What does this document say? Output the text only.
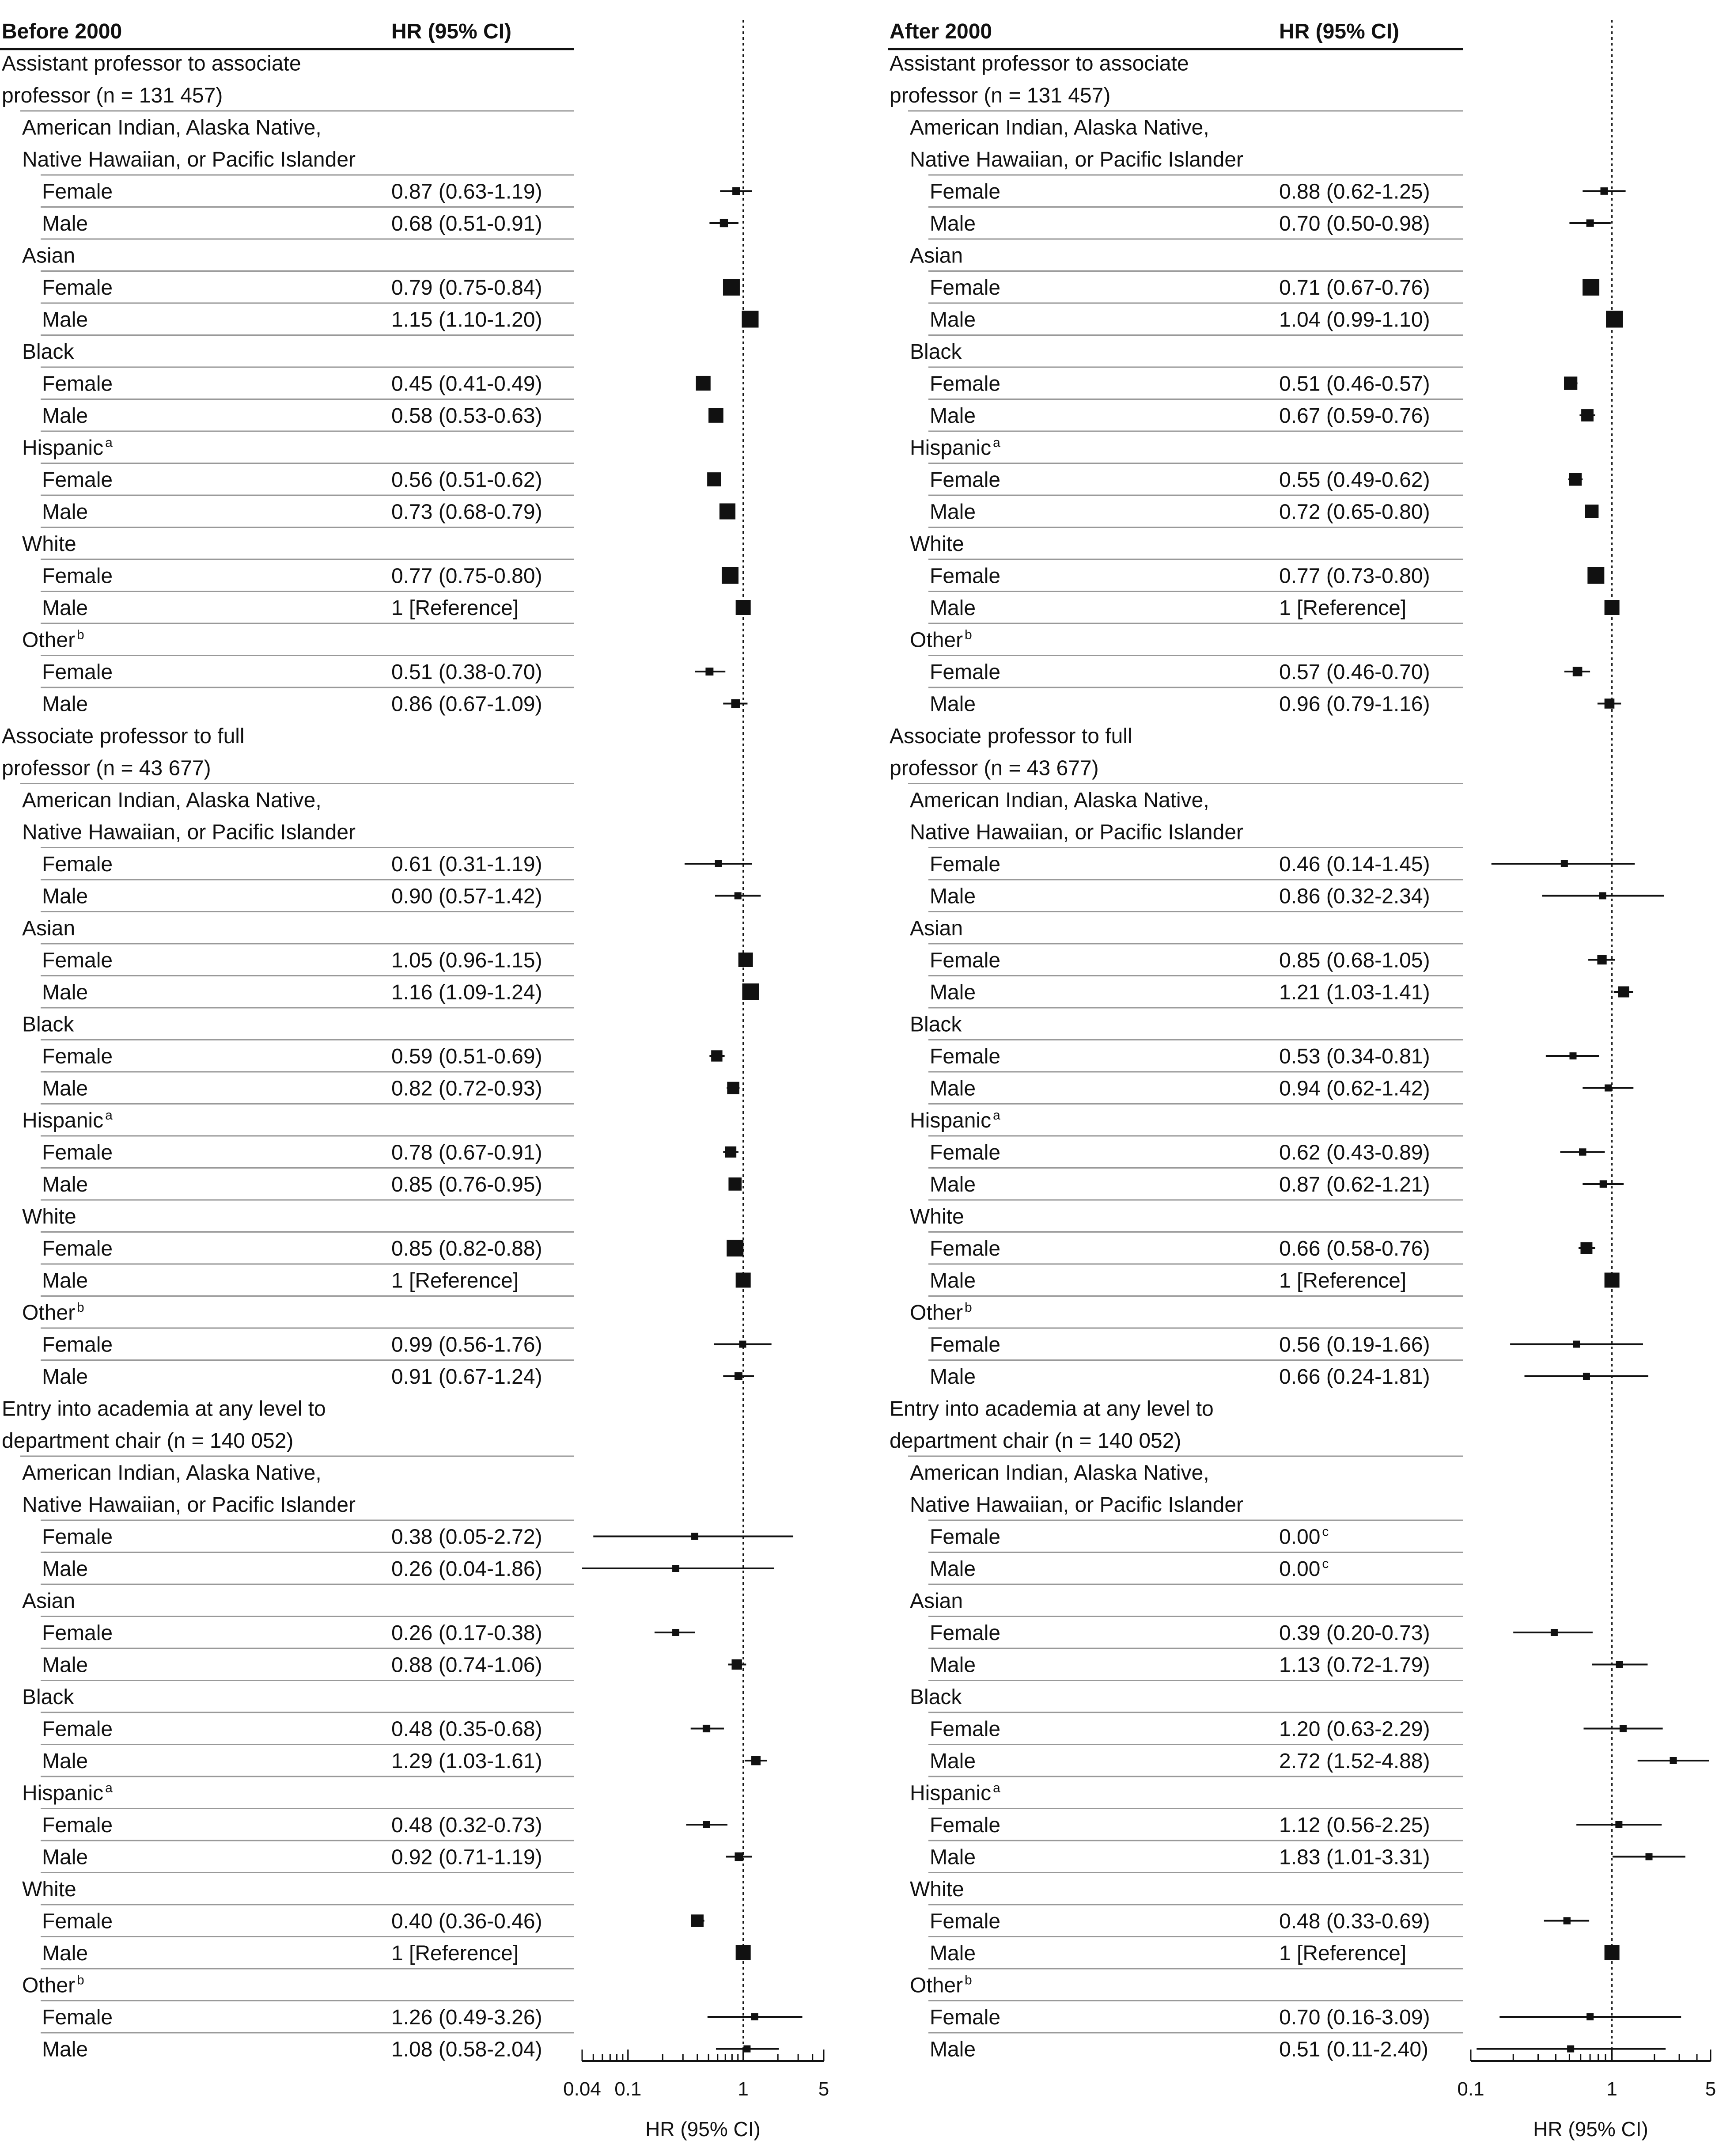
Before 2000	HR (95% CI)
Assistant professor to associate
professor (n = 131 457)
American Indian, Alaska Native,
Native Hawaiian, or Pacific Islander
Female	0.87 (0.63-1.19)
Male	0.68 (0.51-0.91)
Asian
Female	0.79 (0.75-0.84)
Male	1.15 (1.10-1.20)
Black
Female	0.45 (0.41-0.49)
Male	0.58 (0.53-0.63)
Hispanic $^a$
Female	0.56 (0.51-0.62)
Male	0.73 (0.68-0.79)
White
Female	0.77 (0.75-0.80)
Male	1 [Reference]
Other $^b$
Female	0.51 (0.38-0.70)
Male	0.86 (0.67-1.09)
Associate professor to full
professor (n = 43 677)
American Indian, Alaska Native,
Native Hawaiian, or Pacific Islander
Female	0.61 (0.31-1.19)
Male	0.90 (0.57-1.42)
Asian
Female	1.05 (0.96-1.15)
Male	1.16 (1.09-1.24)
Black
Female	0.59 (0.51-0.69)
Male	0.82 (0.72-0.93)
Hispanic $^a$
Female	0.78 (0.67-0.91)
Male	0.85 (0.76-0.95)
White
Female	0.85 (0.82-0.88)
Male	1 [Reference]
Other $^b$
Female	0.99 (0.56-1.76)
Male	0.91 (0.67-1.24)
Entry into academia at any level to
department chair (n = 140 052)
American Indian, Alaska Native,
Native Hawaiian, or Pacific Islander
Female	0.38 (0.05-2.72)
Male	0.26 (0.04-1.86)
Asian
Female	0.26 (0.17-0.38)
Male	0.88 (0.74-1.06)
Black
Female	0.48 (0.35-0.68)
Male	1.29 (1.03-1.61)
Hispanic $^a$
Female	0.48 (0.32-0.73)
Male	0.92 (0.71-1.19)
White
Female	0.40 (0.36-0.46)
Male	1 [Reference]
Other $^b$
Female	1.26 (0.49-3.26)
Male	1.08 (0.58-2.04)
0.04 0.1	1	5
HR (95% CI)
After 2000	HR (95% CI)
Assistant professor to associate
professor (n = 131 457)
American Indian, Alaska Native,
Native Hawaiian, or Pacific Islander
Female	0.88 (0.62-1.25)
Male	0.70 (0.50-0.98)
Asian
Female	0.71 (0.67-0.76)
Male	1.04 (0.99-1.10)
Black
Female	0.51 (0.46-0.57)
Male	0.67 (0.59-0.76)
Hispanic $^a$
Female	0.55 (0.49-0.62)
Male	0.72 (0.65-0.80)
White
Female	0.77 (0.73-0.80)
Male	1 [Reference]
Other $^b$
Female	0.57 (0.46-0.70)
Male	0.96 (0.79-1.16)
Associate professor to full
professor (n = 43 677)
American Indian, Alaska Native,
Native Hawaiian, or Pacific Islander
Female	0.46 (0.14-1.45)
Male	0.86 (0.32-2.34)
Asian
Female	0.85 (0.68-1.05)
Male	1.21 (1.03-1.41)
Black
Female	0.53 (0.34-0.81)
Male	0.94 (0.62-1.42)
Hispanic $^a$
Female	0.62 (0.43-0.89)
Male	0.87 (0.62-1.21)
White
Female	0.66 (0.58-0.76)
Male	1 [Reference]
Other $^b$
Female	0.56 (0.19-1.66)
Male	0.66 (0.24-1.81)
Entry into academia at any level to
department chair (n = 140 052)
American Indian, Alaska Native,
Native Hawaiian, or Pacific Islander
Female	0.00 $^c$
Male	0.00 $^c$
Asian
Female	0.39 (0.20-0.73)
Male	1.13 (0.72-1.79)
Black
Female	1.20 (0.63-2.29)
Male	2.72 (1.52-4.88)
Hispanic $^a$
Female	1.12 (0.56-2.25)
Male	1.83 (1.01-3.31)
White
Female	0.48 (0.33-0.69)
Male	1 [Reference]
Other $^b$
Female	0.70 (0.16-3.09)
Male	0.51 (0.11-2.40)
0.1	1	5
HR (95% CI)
